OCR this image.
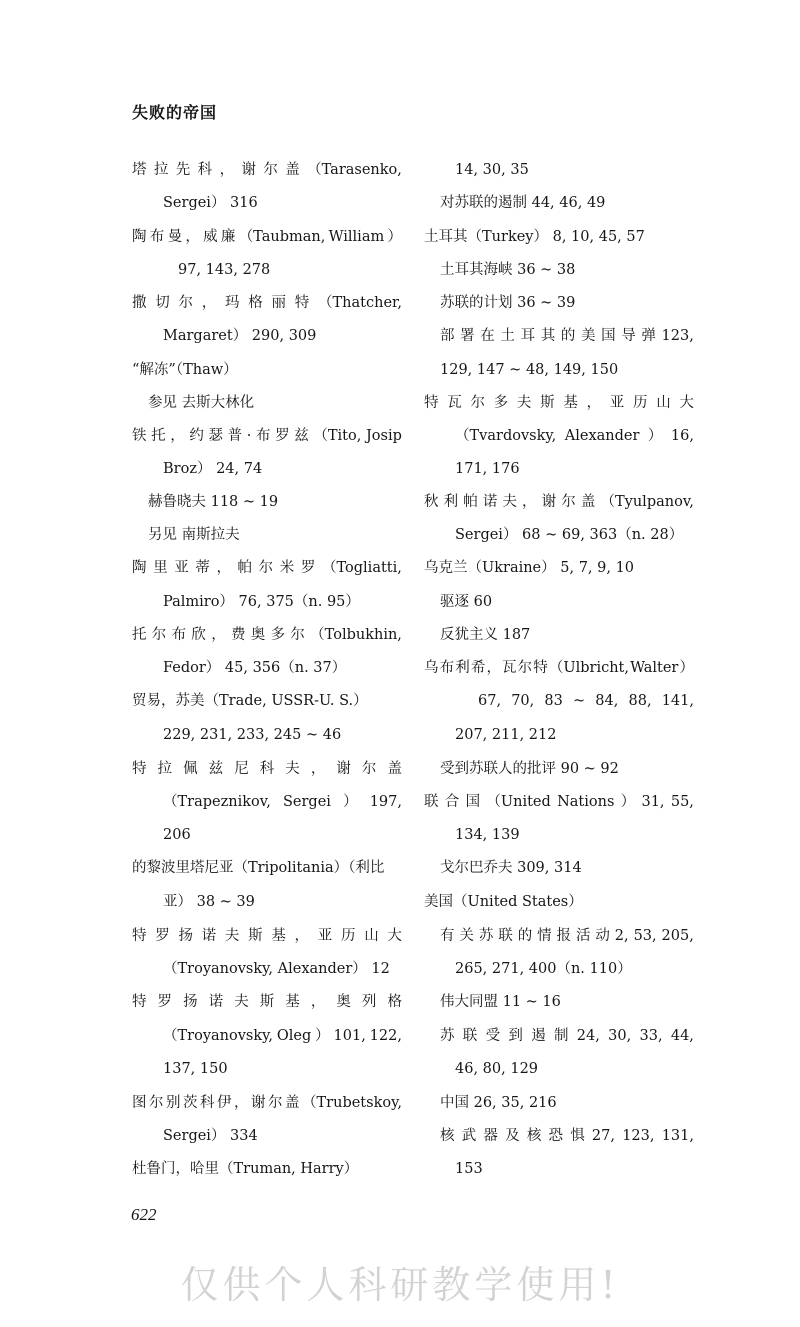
失败的帝国
塔 拉 先 科 ， 谢 尔 盖 （Tarasenko,
Sergei） 316
陶 布 曼 ， 威 廉 （Taubman, William ）
97, 143, 278
撒 切 尔 ， 玛 格 丽 特 （Thatcher,
Margaret） 290, 309
“解冻”（Thaw）
参见 去斯大林化
铁 托 ， 约 瑟 普 · 布 罗 兹 （Tito, Josip
Broz） 24, 74
赫鲁晓夫 118 ~ 19
另见 南斯拉夫
陶 里 亚 蒂 ， 帕 尔 米 罗 （Togliatti,
Palmiro） 76, 375（n. 95）
托 尔 布 欣 ， 费 奥 多 尔 （Tolbukhin,
Fedor） 45, 356（n. 37）
贸易，苏美（Trade, USSR-U. S.）
229, 231, 233, 245 ~ 46
特 拉 佩 兹 尼 科 夫 ， 谢 尔 盖
（Trapeznikov, Sergei ） 197,
206
的黎波里塔尼亚（Tripolitania）（利比
亚） 38 ~ 39
特 罗 扬 诺 夫 斯 基 ， 亚 历 山 大
（Troyanovsky, Alexander） 12
特 罗 扬 诺 夫 斯 基 ， 奥 列 格
（Troyanovsky, Oleg ） 101, 122,
137, 150
图 尔 别 茨 科 伊 ， 谢 尔 盖 （Trubetskoy,
Sergei） 334
杜鲁门，哈里（Truman, Harry）
14, 30, 35
对苏联的遏制 44, 46, 49
土耳其（Turkey） 8, 10, 45, 57
土耳其海峡 36 ~ 38
苏联的计划 36 ~ 39
部 署 在 土 耳 其 的 美 国 导 弹 123,
129, 147 ~ 48, 149, 150
特 瓦 尔 多 夫 斯 基 ， 亚 历 山 大
（Tvardovsky, Alexander ） 16,
171, 176
秋 利 帕 诺 夫 ， 谢 尔 盖 （Tyulpanov,
Sergei） 68 ~ 69, 363（n. 28）
乌克兰（Ukraine） 5, 7, 9, 10
驱逐 60
反犹主义 187
乌 布 利 希 ， 瓦 尔 特 （Ulbricht, Walter ）
67, 70, 83 ~ 84, 88, 141,
207, 211, 212
受到苏联人的批评 90 ~ 92
联 合 国 （United Nations ） 31, 55,
134, 139
戈尔巴乔夫 309, 314
美国（United States）
有 关 苏 联 的 情 报 活 动 2, 53, 205,
265, 271, 400（n. 110）
伟大同盟 11 ~ 16
苏 联 受 到 遏 制 24, 30, 33, 44,
46, 80, 129
中国 26, 35, 216
核 武 器 及 核 恐 惧 27, 123, 131,
153
622
仅供个人科研教学使用!
